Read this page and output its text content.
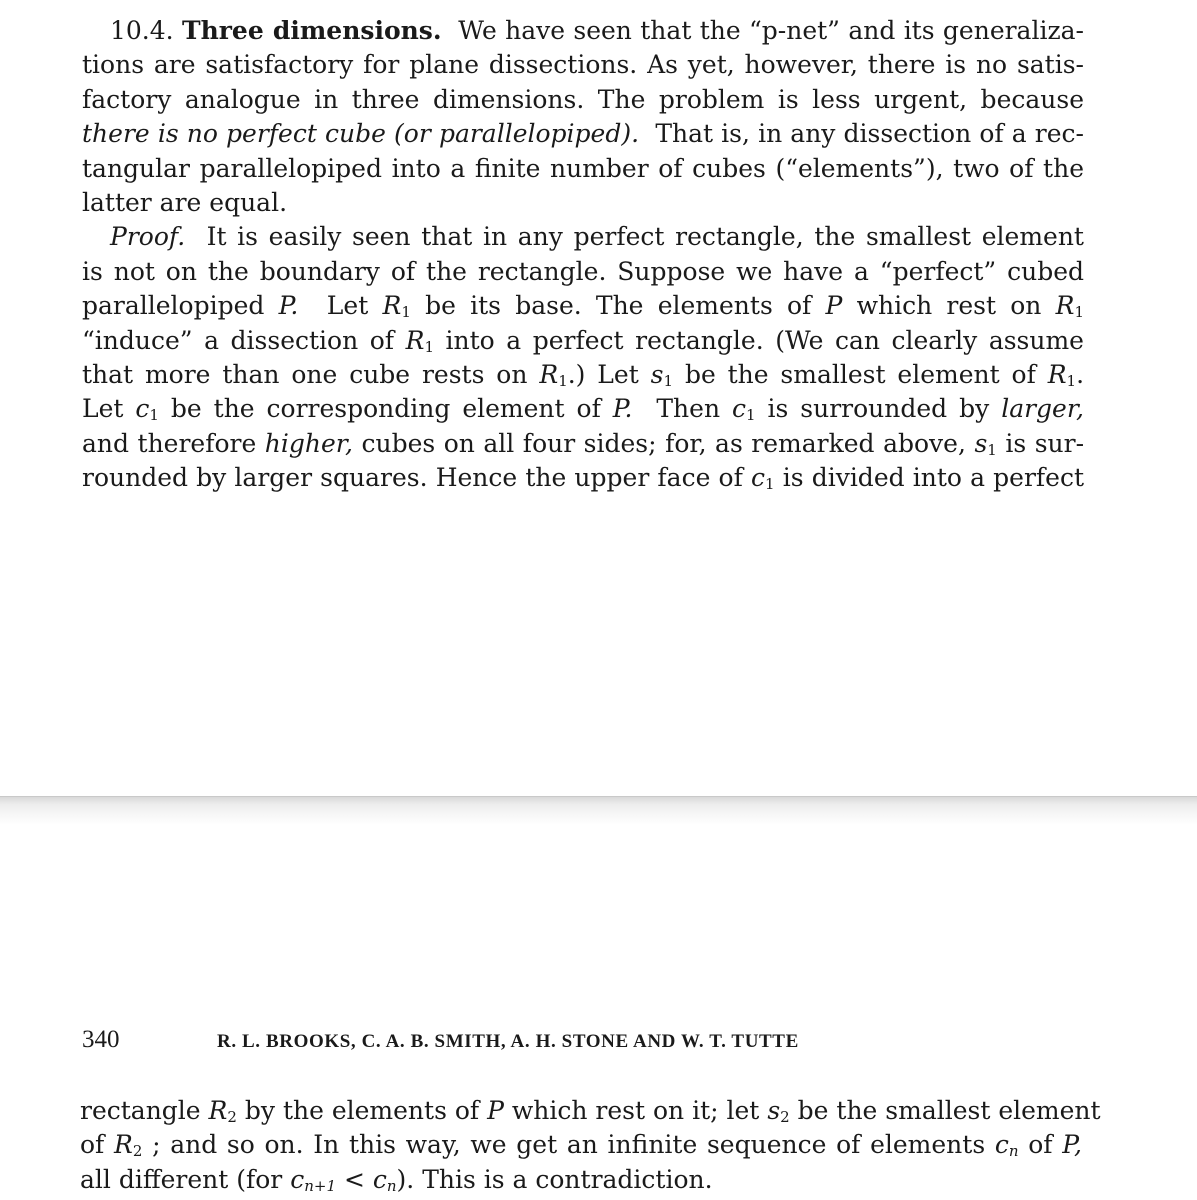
10.4. Three dimensions. We have seen that the “p-net” and its generaliza-
tions are satisfactory for plane dissections. As yet, however, there is no satis-
factory analogue in three dimensions. The problem is less urgent, because
there is no perfect cube (or parallelopiped). That is, in any dissection of a rec-
tangular parallelopiped into a finite number of cubes (“elements”), two of the
latter are equal.
Proof. It is easily seen that in any perfect rectangle, the smallest element
is not on the boundary of the rectangle. Suppose we have a “perfect” cubed
parallelopiped P. Let $R_1$ be its base. The elements of P which rest on $R_1$
“induce” a dissection of $R_1$ into a perfect rectangle. (We can clearly assume
that more than one cube rests on $R_1$.) Let $s_1$ be the smallest element of $R_1$.
Let $c_1$ be the corresponding element of P. Then $c_1$ is surrounded by larger,
and therefore higher, cubes on all four sides; for, as remarked above, $s_1$ is sur-
rounded by larger squares. Hence the upper face of $c_1$ is divided into a perfect
340	R. L. BROOKS, C. A. B. SMITH, A. H. STONE AND W. T. TUTTE
rectangle $R_2$ by the elements of P which rest on it; let $s_2$ be the smallest element
of $R_2$ ; and so on. In this way, we get an infinite sequence of elements $c_n$ of P,
all different (for $c_{n+1} < c_n$). This is a contradiction.
